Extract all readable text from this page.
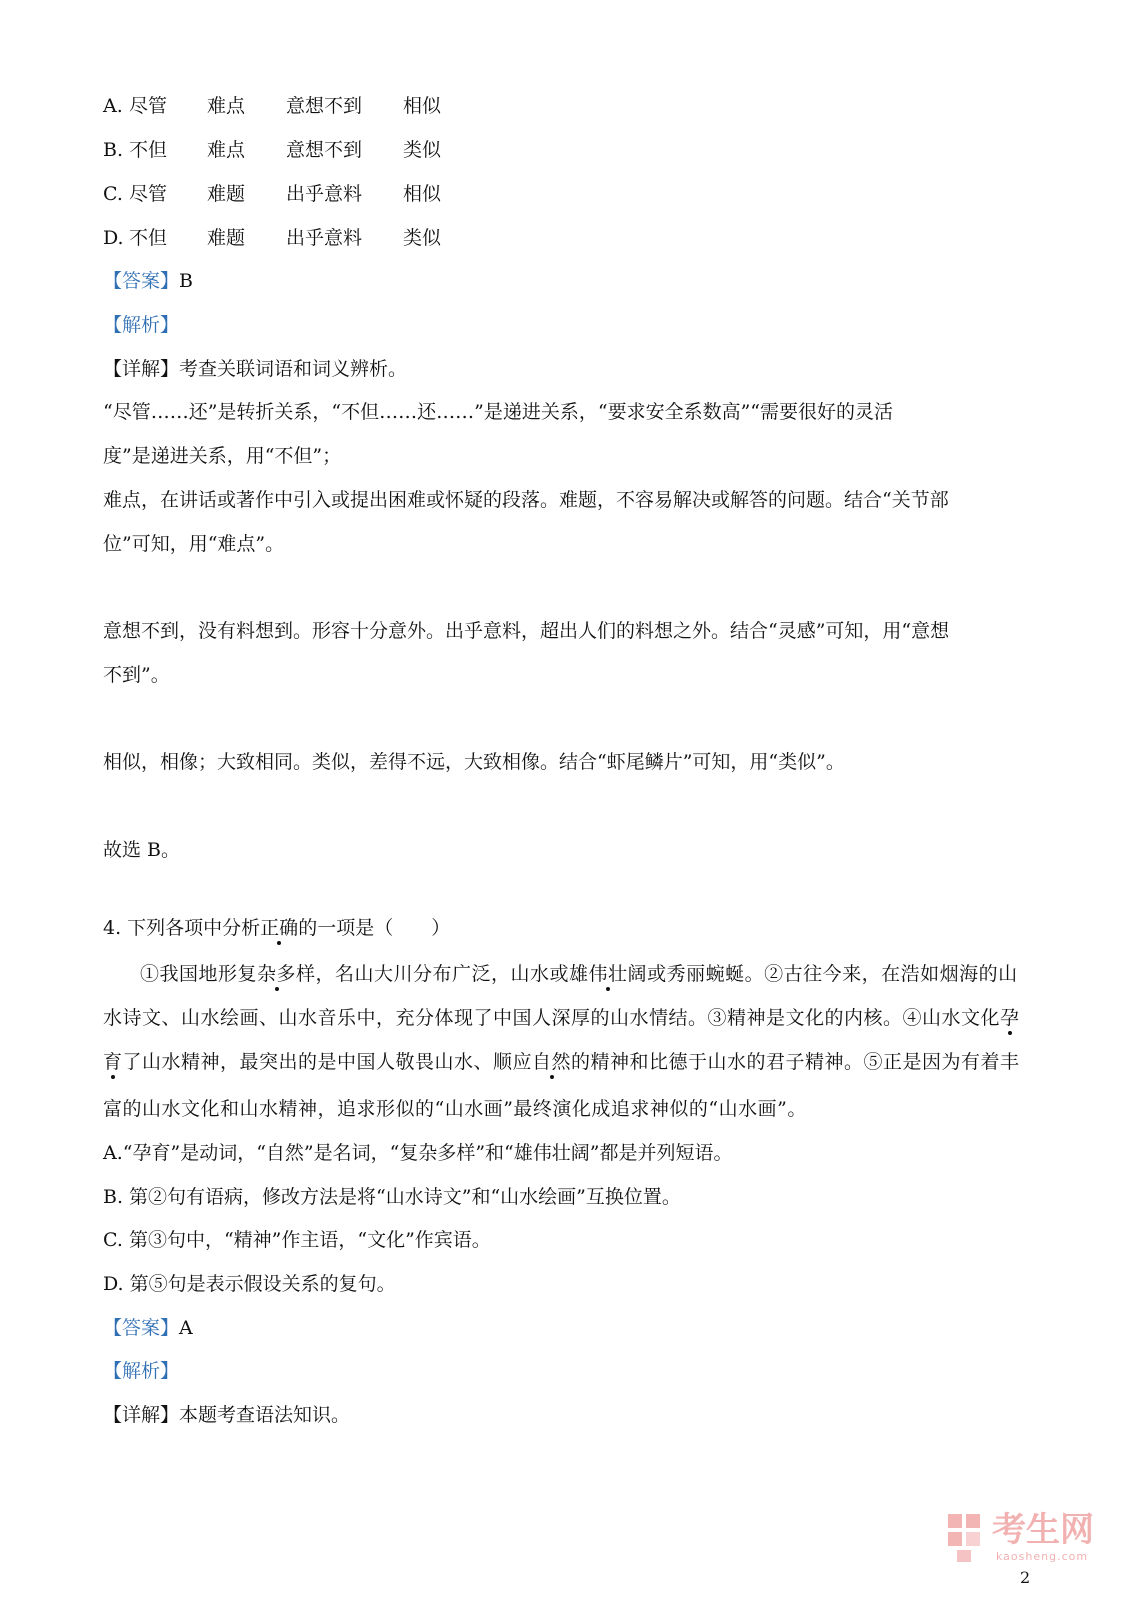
A. 尽管 难点 意想不到 相似
B. 不但 难点 意想不到 类似
C. 尽管 难题 出乎意料 相似
D. 不但 难题 出乎意料 类似
【答案】B
【解析】
【详解】考查关联词语和词义辨析。
“尽管……还”是转折关系，“不但……还……”是递进关系，“要求安全系数高”“需要很好的灵活
度”是递进关系，用“不但”；
难点，在讲话或著作中引入或提出困难或怀疑的段落。难题，不容易解决或解答的问题。结合“关节部
位”可知，用“难点”。
意想不到，没有料想到。形容十分意外。出乎意料，超出人们的料想之外。结合“灵感”可知，用“意想
不到”。
相似，相像；大致相同。类似，差得不远，大致相像。结合“虾尾鳞片”可知，用“类似”。
故选 B。
4. 下列各项中分析正确的一项是（　　）
①我国地形复杂多样，名山大川分布广泛，山水或雄伟壮阔或秀丽蜿蜒。②古往今来，在浩如烟海的山
水诗文、山水绘画、山水音乐中，充分体现了中国人深厚的山水情结。③精神是文化的内核。④山水文化孕
育了山水精神，最突出的是中国人敬畏山水、顺应自然的精神和比德于山水的君子精神。⑤正是因为有着丰
富的山水文化和山水精神，追求形似的“山水画”最终演化成追求神似的“山水画”。
A.“孕育”是动词，“自然”是名词，“复杂多样”和“雄伟壮阔”都是并列短语。
B. 第②句有语病，修改方法是将“山水诗文”和“山水绘画”互换位置。
C. 第③句中，“精神”作主语，“文化”作宾语。
D. 第⑤句是表示假设关系的复句。
【答案】A
【解析】
【详解】本题考查语法知识。
考生网
kaosheng.com
2
